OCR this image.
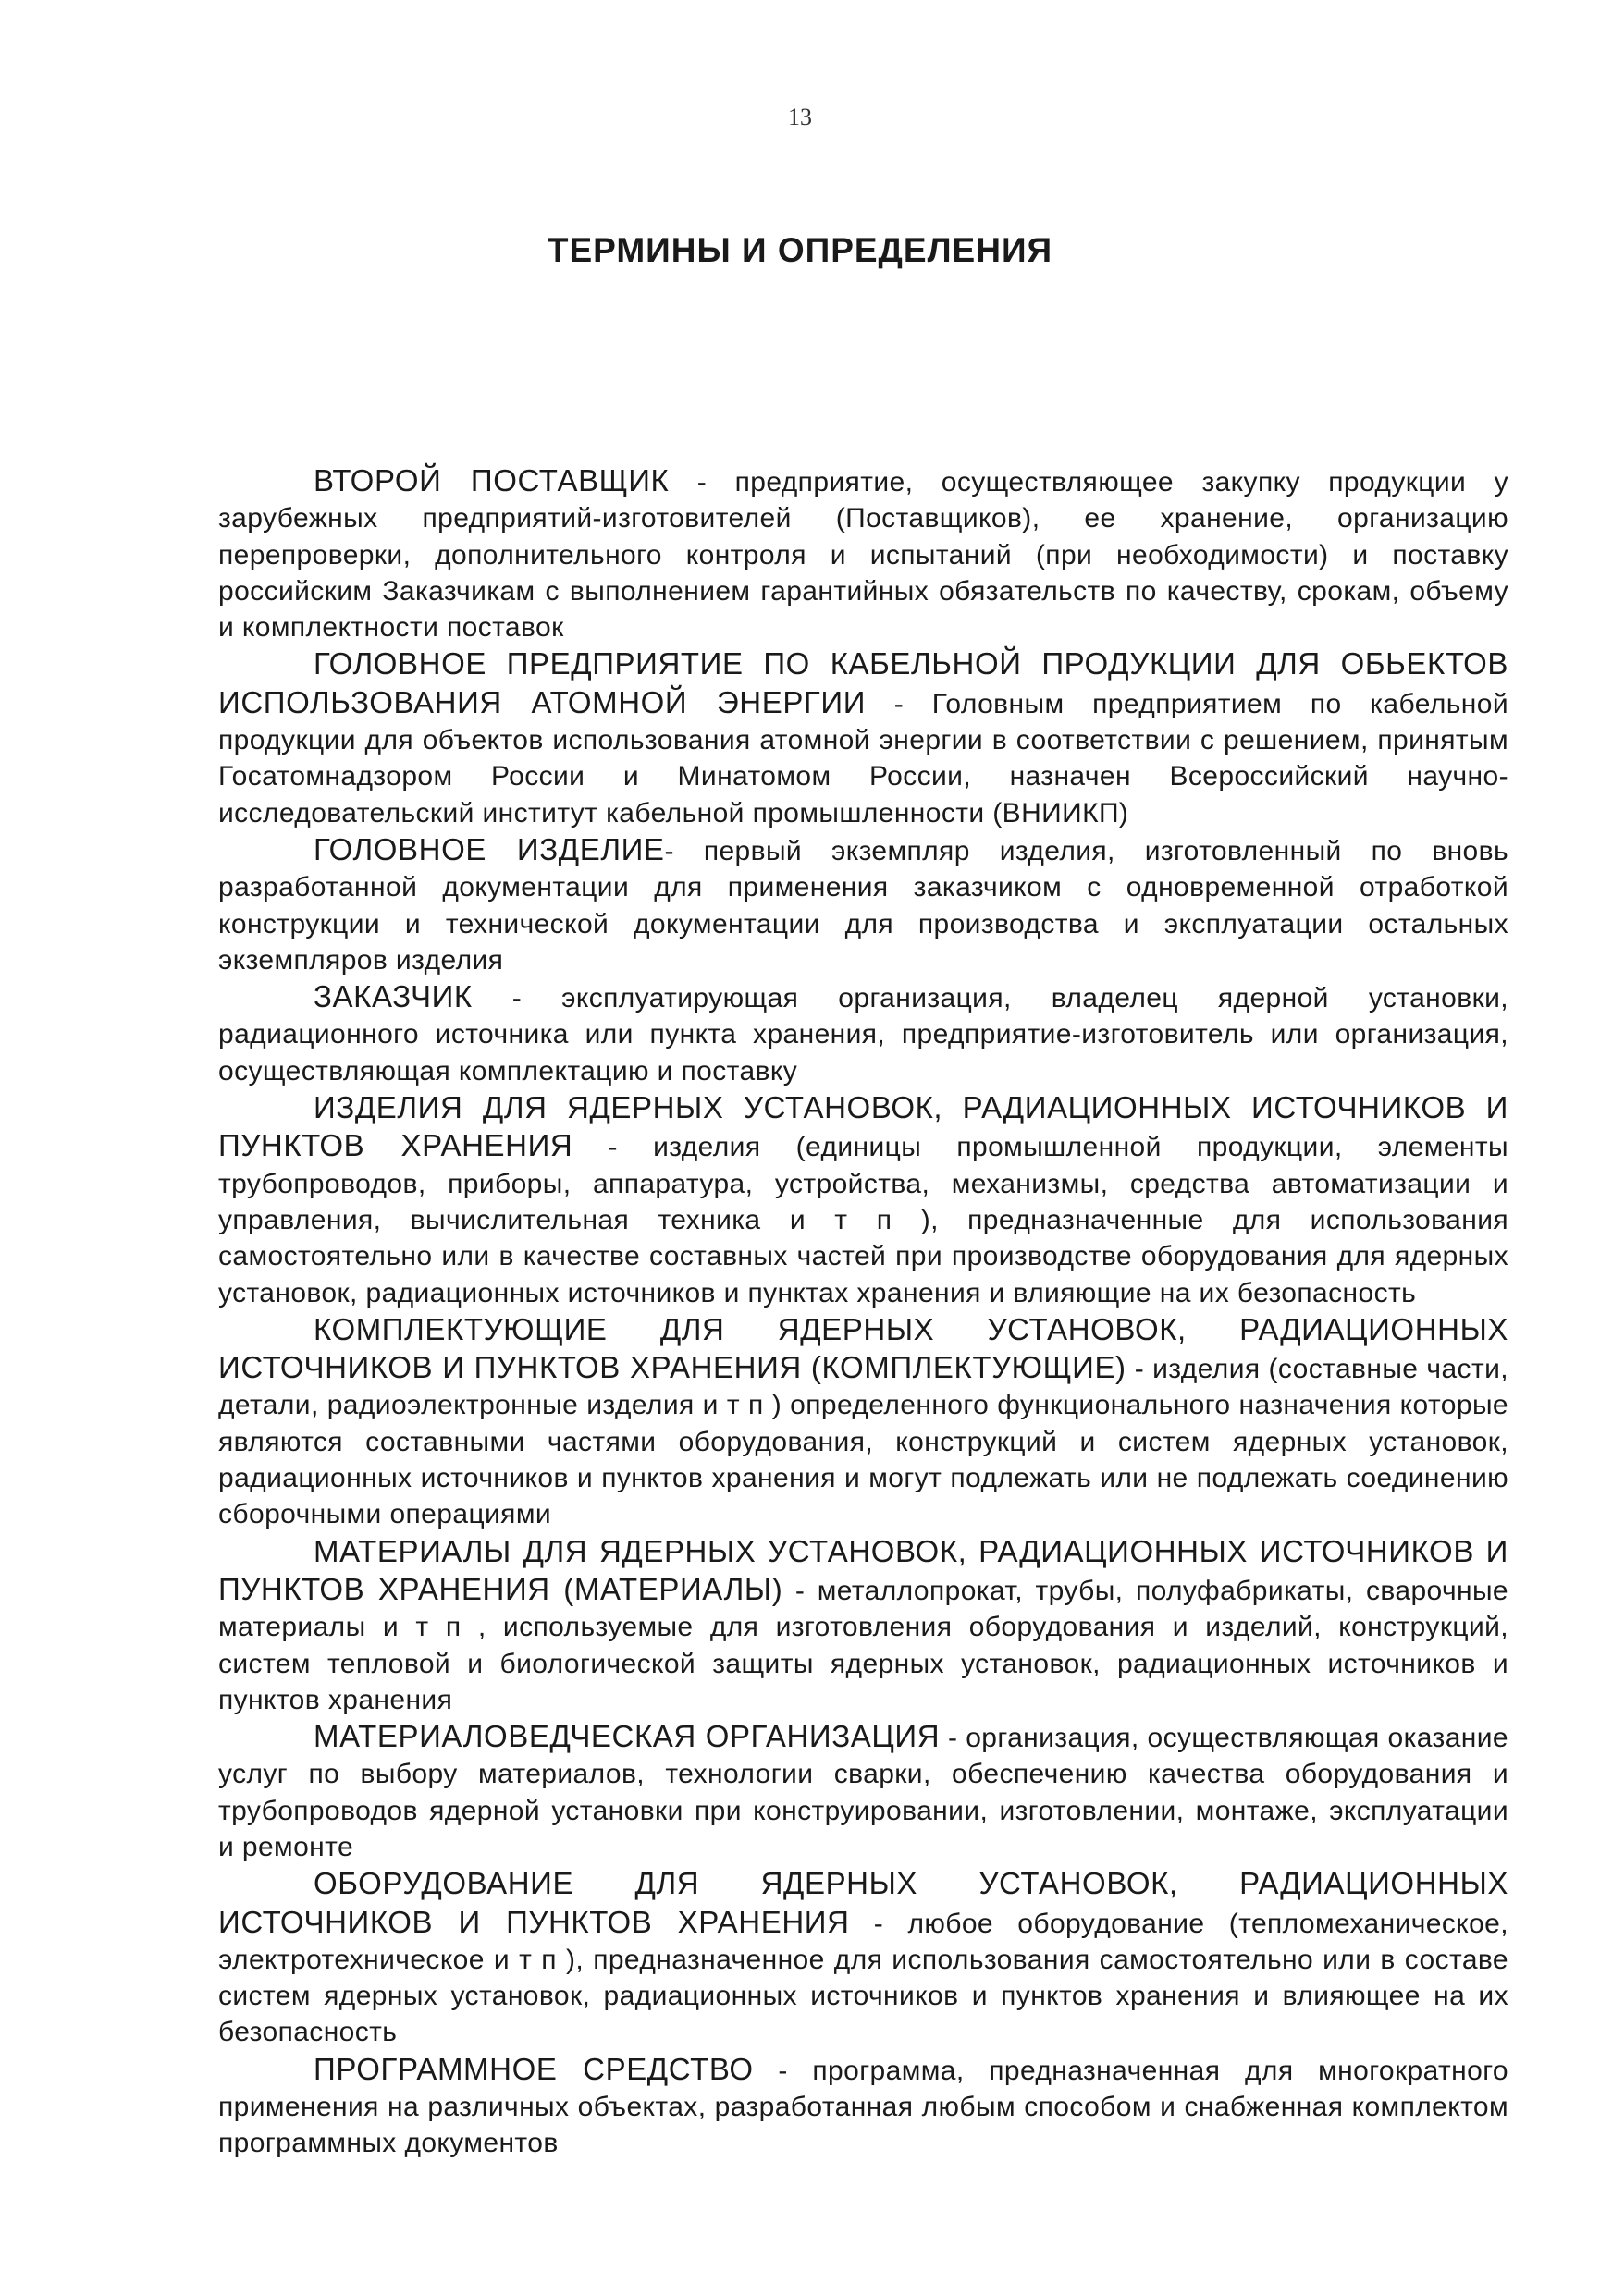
13
ТЕРМИНЫ И ОПРЕДЕЛЕНИЯ

ВТОРОЙ ПОСТАВЩИК - предприятие, осуществляющее закупку продукции у зарубежных предприятий-изготовителей (Поставщиков), ее хранение, организацию перепроверки, дополнительного контроля и испытаний (при необходимости) и поставку российским Заказчикам с выполнением гарантийных обязательств по качеству, срокам, объему и комплектности поставок

ГОЛОВНОЕ ПРЕДПРИЯТИЕ ПО КАБЕЛЬНОЙ ПРОДУКЦИИ ДЛЯ ОБЬЕКТОВ ИСПОЛЬЗОВАНИЯ АТОМНОЙ ЭНЕРГИИ - Головным предприятием по кабельной продукции для объектов использования атомной энергии в соответствии с решением, принятым Госатомнадзором России и Минатомом России, назначен Всероссийский научно-исследовательский институт кабельной промышленности (ВНИИКП)

ГОЛОВНОЕ ИЗДЕЛИЕ- первый экземпляр изделия, изготовленный по вновь разработанной документации для применения заказчиком с одновременной отработкой конструкции и технической документации для производства и эксплуатации остальных экземпляров изделия

ЗАКАЗЧИК - эксплуатирующая организация, владелец ядерной установки, радиационного источника или пункта хранения, предприятие-изготовитель или организация, осуществляющая комплектацию и поставку

ИЗДЕЛИЯ ДЛЯ ЯДЕРНЫХ УСТАНОВОК, РАДИАЦИОННЫХ ИСТОЧНИКОВ И ПУНКТОВ ХРАНЕНИЯ - изделия (единицы промышленной продукции, элементы трубопроводов, приборы, аппаратура, устройства, механизмы, средства автоматизации и управления, вычислительная техника и т п ), предназначенные для использования самостоятельно или в качестве составных частей при производстве оборудования для ядерных установок, радиационных источников и пунктах хранения и влияющие на их безопасность

КОМПЛЕКТУЮЩИЕ ДЛЯ ЯДЕРНЫХ УСТАНОВОК, РАДИАЦИОННЫХ ИСТОЧНИКОВ И ПУНКТОВ ХРАНЕНИЯ (КОМПЛЕКТУЮЩИЕ) - изделия (составные части, детали, радиоэлектронные изделия и т п ) определенного функционального назначения которые являются составными частями оборудования, конструкций и систем ядерных установок, радиационных источников и пунктов хранения и могут подлежать или не подлежать соединению сборочными операциями

МАТЕРИАЛЫ ДЛЯ ЯДЕРНЫХ УСТАНОВОК, РАДИАЦИОННЫХ ИСТОЧНИКОВ И ПУНКТОВ ХРАНЕНИЯ (МАТЕРИАЛЫ) - металлопрокат, трубы, полуфабрикаты, сварочные материалы и т п , используемые для изготовления оборудования и изделий, конструкций, систем тепловой и биологической защиты ядерных установок, радиационных источников и пунктов хранения

МАТЕРИАЛОВЕДЧЕСКАЯ ОРГАНИЗАЦИЯ - организация, осуществляющая оказание услуг по выбору материалов, технологии сварки, обеспечению качества оборудования и трубопроводов ядерной установки при конструировании, изготовлении, монтаже, эксплуатации и ремонте

ОБОРУДОВАНИЕ ДЛЯ ЯДЕРНЫХ УСТАНОВОК, РАДИАЦИОННЫХ ИСТОЧНИКОВ И ПУНКТОВ ХРАНЕНИЯ - любое оборудование (тепломеханическое, электротехническое и т п ), предназначенное для использования самостоятельно или в составе систем ядерных установок, радиационных источников и пунктов хранения и влияющее на их безопасность

ПРОГРАММНОЕ СРЕДСТВО - программа, предназначенная для многократного применения на различных объектах, разработанная любым способом и снабженная комплектом программных документов
